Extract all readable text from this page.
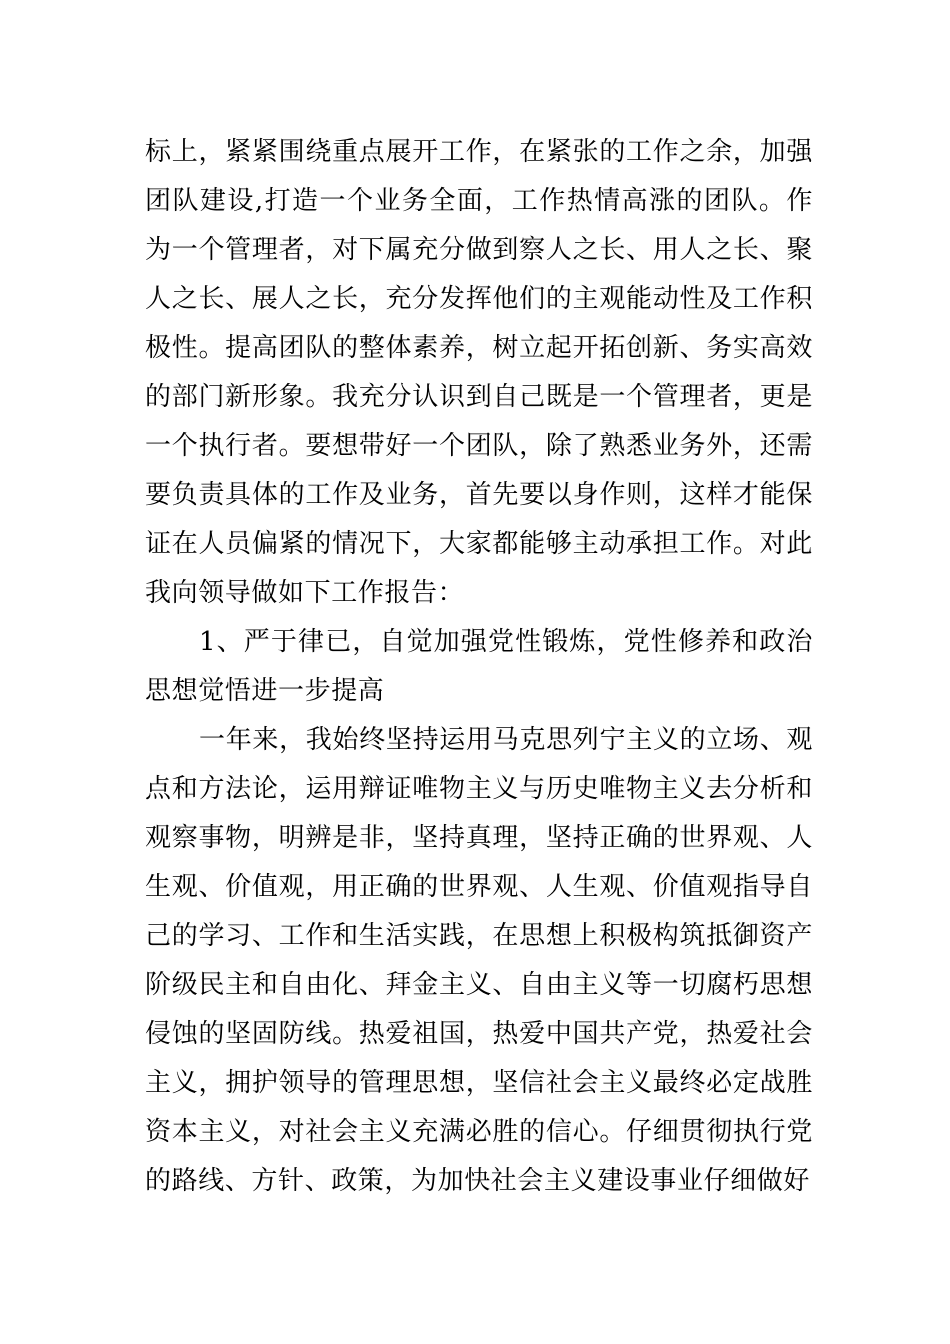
标上，紧紧围绕重点展开工作，在紧张的工作之余，加强团队建设,打造一个业务全面，工作热情高涨的团队。作为一个管理者，对下属充分做到察人之长、用人之长、聚人之长、展人之长，充分发挥他们的主观能动性及工作积极性。提高团队的整体素养，树立起开拓创新、务实高效的部门新形象。我充分认识到自己既是一个管理者，更是一个执行者。要想带好一个团队，除了熟悉业务外，还需要负责具体的工作及业务，首先要以身作则，这样才能保证在人员偏紧的情况下，大家都能够主动承担工作。对此我向领导做如下工作报告：

1、严于律已，自觉加强党性锻炼，党性修养和政治思想觉悟进一步提高

一年来，我始终坚持运用马克思列宁主义的立场、观点和方法论，运用辩证唯物主义与历史唯物主义去分析和观察事物，明辨是非，坚持真理，坚持正确的世界观、人生观、价值观，用正确的世界观、人生观、价值观指导自己的学习、工作和生活实践，在思想上积极构筑抵御资产阶级民主和自由化、拜金主义、自由主义等一切腐朽思想侵蚀的坚固防线。热爱祖国，热爱中国共产党，热爱社会主义，拥护领导的管理思想，坚信社会主义最终必定战胜资本主义，对社会主义充满必胜的信心。仔细贯彻执行党的路线、方针、政策，为加快社会主义建设事业仔细做好
